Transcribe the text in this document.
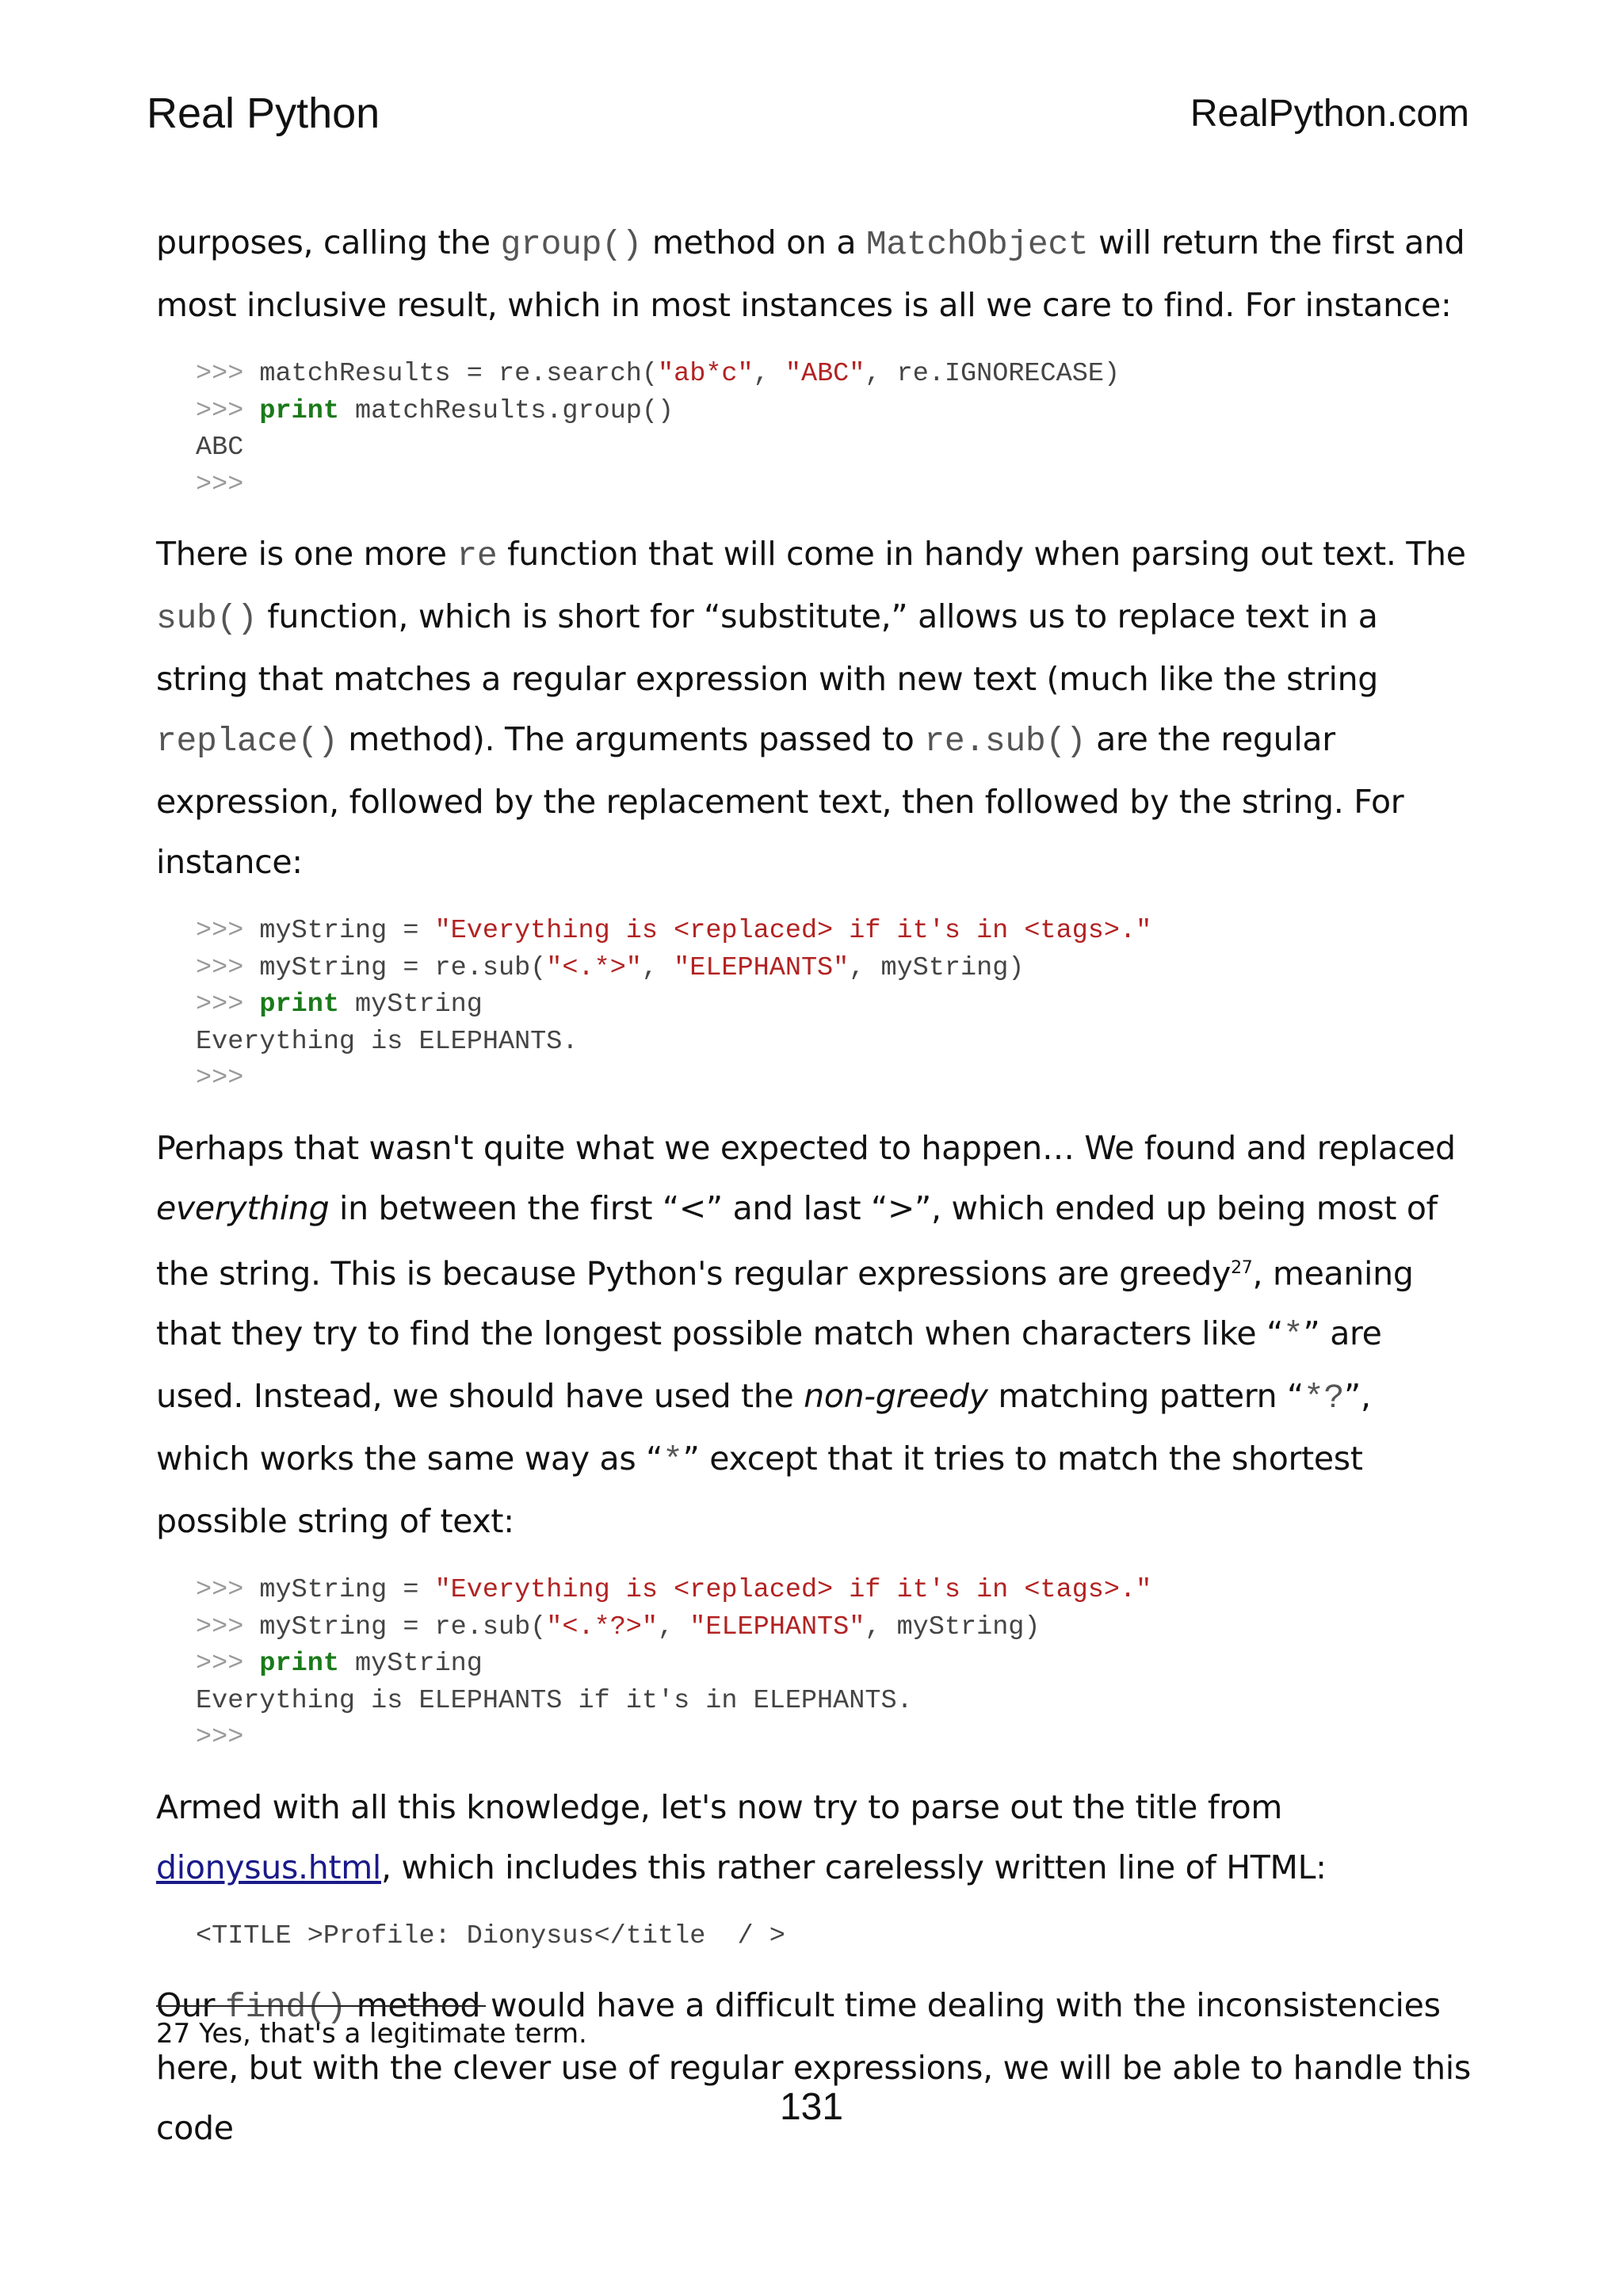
Real Python	RealPython.com

purposes, calling the group() method on a MatchObject will return the first and most inclusive result, which in most instances is all we care to find. For instance:

>>> matchResults = re.search("ab*c", "ABC", re.IGNORECASE)
>>> print matchResults.group()
ABC
>>>

There is one more re function that will come in handy when parsing out text. The sub() function, which is short for “substitute,” allows us to replace text in a string that matches a regular expression with new text (much like the string replace() method). The arguments passed to re.sub() are the regular expression, followed by the replacement text, then followed by the string. For instance:

>>> myString = "Everything is <replaced> if it's in <tags>."
>>> myString = re.sub("<.*>", "ELEPHANTS", myString)
>>> print myString
Everything is ELEPHANTS.
>>>

Perhaps that wasn't quite what we expected to happen… We found and replaced everything in between the first “<” and last “>”, which ended up being most of the string. This is because Python's regular expressions are greedy$^{27}$, meaning that they try to find the longest possible match when characters like “*” are used. Instead, we should have used the non-greedy matching pattern “*?”, which works the same way as “*” except that it tries to match the shortest possible string of text:

>>> myString = "Everything is <replaced> if it's in <tags>."
>>> myString = re.sub("<.*?>", "ELEPHANTS", myString)
>>> print myString
Everything is ELEPHANTS if it's in ELEPHANTS.
>>>

Armed with all this knowledge, let's now try to parse out the title from dionysus.html, which includes this rather carelessly written line of HTML:

<TITLE >Profile: Dionysus</title  / >

Our find() method would have a difficult time dealing with the inconsistencies here, but with the clever use of regular expressions, we will be able to handle this code

27 Yes, that's a legitimate term.
131
